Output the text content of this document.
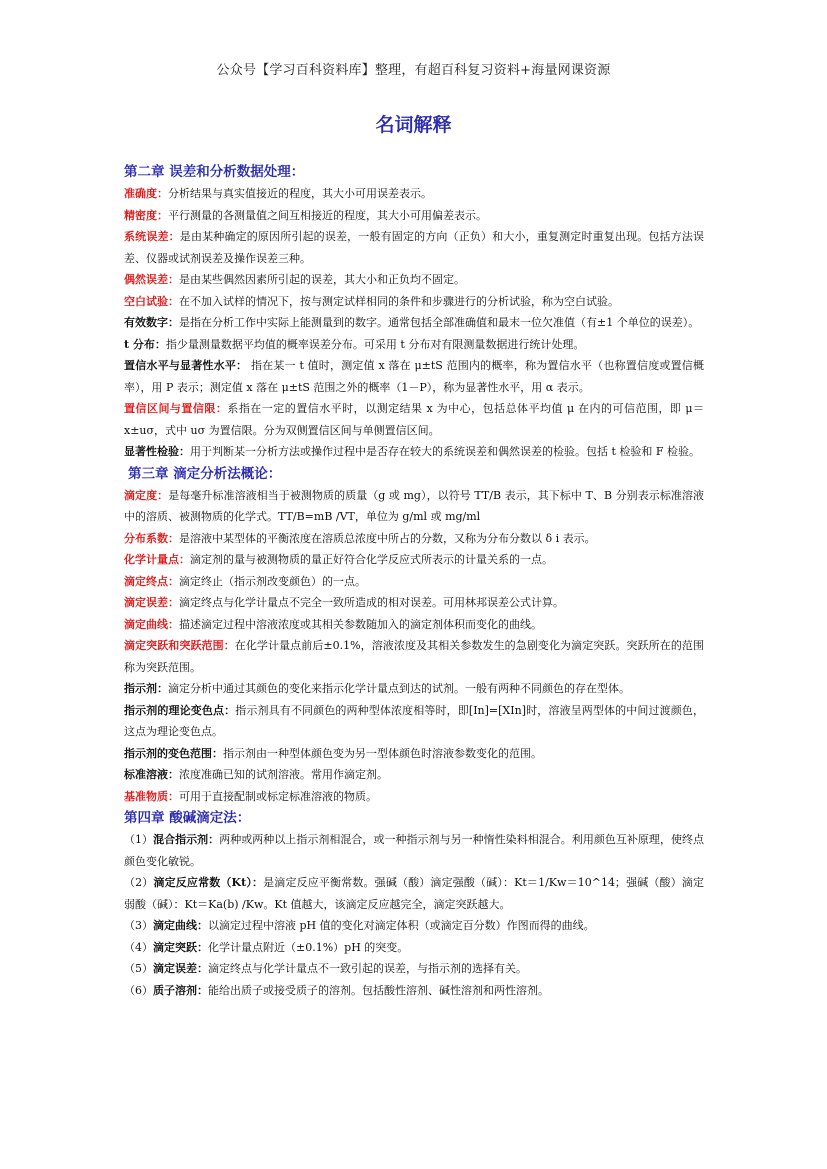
公众号【学习百科资料库】整理，有超百科复习资料+海量网课资源
名词解释

第二章 误差和分析数据处理：

准确度：分析结果与真实值接近的程度，其大小可用误差表示。

精密度：平行测量的各测量值之间互相接近的程度，其大小可用偏差表示。

系统误差：是由某种确定的原因所引起的误差，一般有固定的方向（正负）和大小，重复测定时重复出现。包括方法误差、仪器或试剂误差及操作误差三种。

偶然误差：是由某些偶然因素所引起的误差，其大小和正负均不固定。

空白试验：在不加入试样的情况下，按与测定试样相同的条件和步骤进行的分析试验，称为空白试验。

有效数字：是指在分析工作中实际上能测量到的数字。通常包括全部准确值和最末一位欠准值（有±1 个单位的误差）。

t 分布：指少量测量数据平均值的概率误差分布。可采用 t 分布对有限测量数据进行统计处理。

置信水平与显著性水平： 指在某一 t 值时，测定值 x 落在 μ±tS 范围内的概率，称为置信水平（也称置信度或置信概率），用 P 表示；测定值 x 落在 μ±tS 范围之外的概率（1－P），称为显著性水平，用 α 表示。

置信区间与置信限：系指在一定的置信水平时，以测定结果 x 为中心，包括总体平均值 μ 在内的可信范围，即 μ＝x±uσ，式中 uσ 为置信限。分为双侧置信区间与单侧置信区间。

显著性检验：用于判断某一分析方法或操作过程中是否存在较大的系统误差和偶然误差的检验。包括 t 检验和 F 检验。

第三章 滴定分析法概论：

滴定度：是每毫升标准溶液相当于被测物质的质量（g 或 mg），以符号 TT/B 表示，其下标中 T、B 分别表示标准溶液中的溶质、被测物质的化学式。TT/B=mB /VT，单位为 g/ml 或 mg/ml

分布系数：是溶液中某型体的平衡浓度在溶质总浓度中所占的分数，又称为分布分数以 δ i 表示。

化学计量点：滴定剂的量与被测物质的量正好符合化学反应式所表示的计量关系的一点。

滴定终点：滴定终止（指示剂改变颜色）的一点。

滴定误差：滴定终点与化学计量点不完全一致所造成的相对误差。可用林邦误差公式计算。

滴定曲线：描述滴定过程中溶液浓度或其相关参数随加入的滴定剂体积而变化的曲线。

滴定突跃和突跃范围：在化学计量点前后±0.1%，溶液浓度及其相关参数发生的急剧变化为滴定突跃。突跃所在的范围称为突跃范围。

指示剂：滴定分析中通过其颜色的变化来指示化学计量点到达的试剂。一般有两种不同颜色的存在型体。

指示剂的理论变色点：指示剂具有不同颜色的两种型体浓度相等时，即[In]=[XIn]时，溶液呈两型体的中间过渡颜色，这点为理论变色点。

指示剂的变色范围：指示剂由一种型体颜色变为另一型体颜色时溶液参数变化的范围。

标准溶液：浓度准确已知的试剂溶液。常用作滴定剂。

基准物质：可用于直接配制或标定标准溶液的物质。

第四章 酸碱滴定法：

（1）混合指示剂：两种或两种以上指示剂相混合，或一种指示剂与另一种惰性染料相混合。利用颜色互补原理，使终点颜色变化敏锐。

（2）滴定反应常数（Kt）：是滴定反应平衡常数。强碱（酸）滴定强酸（碱）：Kt＝1/Kw＝10^14；强碱（酸）滴定弱酸（碱）：Kt＝Ka(b) /Kw。Kt 值越大，该滴定反应越完全，滴定突跃越大。

（3）滴定曲线：以滴定过程中溶液 pH 值的变化对滴定体积（或滴定百分数）作图而得的曲线。

（4）滴定突跃：化学计量点附近（±0.1%）pH 的突变。

（5）滴定误差：滴定终点与化学计量点不一致引起的误差，与指示剂的选择有关。

（6）质子溶剂：能给出质子或接受质子的溶剂。包括酸性溶剂、碱性溶剂和两性溶剂。
